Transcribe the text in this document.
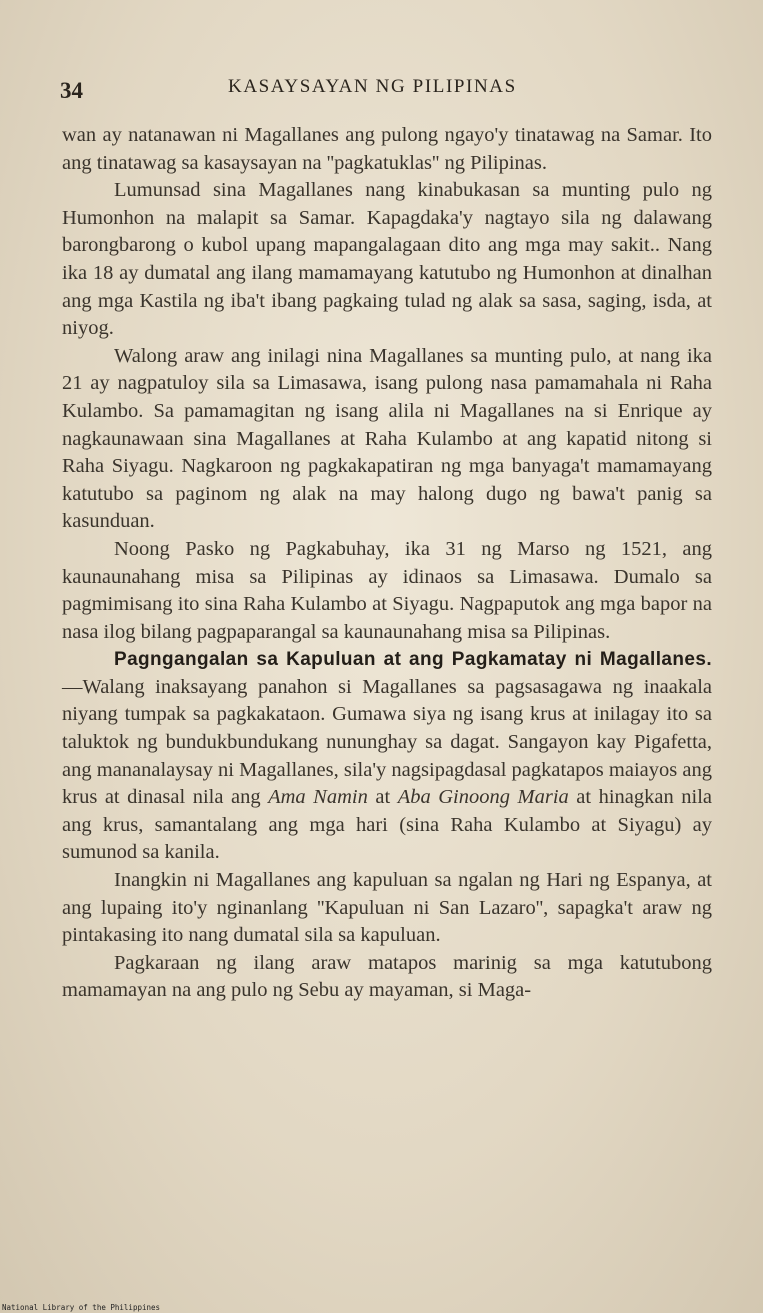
34	KASAYSAYAN NG PILIPINAS

wan ay natanawan ni Magallanes ang pulong ngayo'y tinatawag na Samar. Ito ang tinatawag sa kasaysayan na ''pagkatuklas'' ng Pilipinas.

Lumunsad sina Magallanes nang kinabukasan sa munting pulo ng Humonhon na malapit sa Samar. Kapagdaka'y nagtayo sila ng dalawang barongbarong o kubol upang mapangalagaan dito ang mga may sakit.. Nang ika 18 ay dumatal ang ilang mamamayang katutubo ng Humonhon at dinalhan ang mga Kastila ng iba't ibang pagkaing tulad ng alak sa sasa, saging, isda, at niyog.

Walong araw ang inilagi nina Magallanes sa munting pulo, at nang ika 21 ay nagpatuloy sila sa Limasawa, isang pulong nasa pamamahala ni Raha Kulambo. Sa pamamagitan ng isang alila ni Magallanes na si Enrique ay nagkaunawaan sina Magallanes at Raha Kulambo at ang kapatid nitong si Raha Siyagu. Nagkaroon ng pagkakapatiran ng mga banyaga't mamamayang katutubo sa paginom ng alak na may halong dugo ng bawa't panig sa kasunduan.

Noong Pasko ng Pagkabuhay, ika 31 ng Marso ng 1521, ang kaunaunahang misa sa Pilipinas ay idinaos sa Limasawa. Dumalo sa pagmimisang ito sina Raha Kulambo at Siyagu. Nagpaputok ang mga bapor na nasa ilog bilang pagpaparangal sa kaunaunahang misa sa Pilipinas.

Pagngangalan sa Kapuluan at ang Pagkamatay ni Magallanes. —Walang inaksayang panahon si Magallanes sa pagsasagawa ng inaakala niyang tumpak sa pagkakataon. Gumawa siya ng isang krus at inilagay ito sa taluktok ng bundukbundukang nununghay sa dagat. Sangayon kay Pigafetta, ang mananalaysay ni Magallanes, sila'y nagsipagdasal pagkatapos maiayos ang krus at dinasal nila ang Ama Namin at Aba Ginoong Maria at hinagkan nila ang krus, samantalang ang mga hari (sina Raha Kulambo at Siyagu) ay sumunod sa kanila.

Inangkin ni Magallanes ang kapuluan sa ngalan ng Hari ng Espanya, at ang lupaing ito'y nginanlang ''Kapuluan ni San Lazaro'', sapagka't araw ng pintakasing ito nang dumatal sila sa kapuluan.

Pagkaraan ng ilang araw matapos marinig sa mga katutubong mamamayan na ang pulo ng Sebu ay mayaman, si Maga-

National Library of the Philippines
